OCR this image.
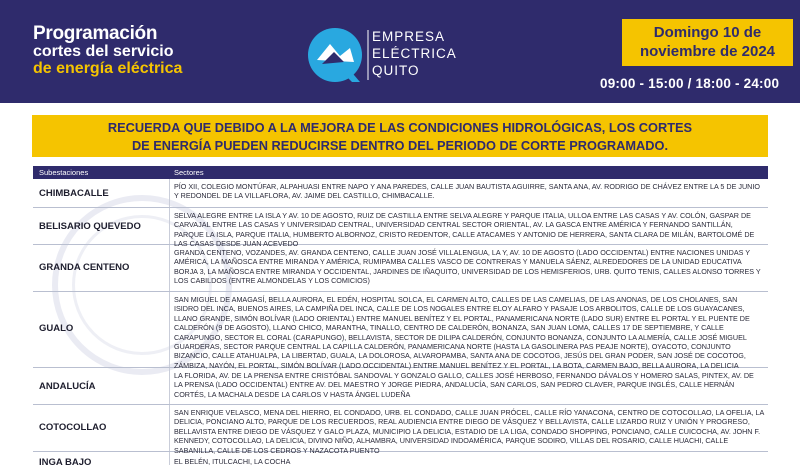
Programación
cortes del servicio
de energía eléctrica
EMPRESA
ELÉCTRICA
QUITO
Domingo 10 de
noviembre de 2024
09:00 - 15:00 / 18:00 - 24:00
RECUERDA QUE DEBIDO A LA MEJORA DE LAS CONDICIONES HIDROLÓGICAS, LOS CORTES
DE ENERGÍA PUEDEN REDUCIRSE DENTRO DEL PERIODO DE CORTE PROGRAMADO.
Subestaciones	Sectores
CHIMBACALLE
PÍO XII, COLEGIO MONTÚFAR, ALPAHUASI ENTRE NAPO Y ANA PAREDES, CALLE JUAN BAUTISTA AGUIRRE, SANTA ANA, AV. RODRIGO DE CHÁVEZ ENTRE LA 5 DE JUNIO Y REDONDEL DE LA VILLAFLORA, AV. JAIME DEL CASTILLO, CHIMBACALLE.
BELISARIO QUEVEDO
SELVA ALEGRE ENTRE LA ISLA Y AV. 10 DE AGOSTO, RUIZ DE CASTILLA ENTRE SELVA ALEGRE Y PARQUE ITALIA, ULLOA ENTRE LAS CASAS Y AV. COLÓN, GASPAR DE CARVAJAL ENTRE LAS CASAS Y UNIVERSIDAD CENTRAL, UNIVERSIDAD CENTRAL SECTOR ORIENTAL, AV. LA GASCA ENTRE AMÉRICA Y FERNANDO SANTILLÁN, PARQUE LA ISLA, PARQUE ITALIA, HUMBERTO ALBORNOZ, CRISTO REDENTOR, CALLE ATACAMES Y ANTONIO DE HERRERA, SANTA CLARA DE MILÁN, BARTOLOMÉ DE LAS CASAS DESDE JUAN ACEVEDO
GRANDA CENTENO
GRANDA CENTENO, VOZANDES, AV. GRANDA CENTENO, CALLE JUAN JOSÉ VILLALENGUA, LA Y, AV. 10 DE AGOSTO (LADO OCCIDENTAL) ENTRE NACIONES UNIDAS Y AMÉRICA, LA MAÑOSCA ENTRE MIRANDA Y AMÉRICA, RUMIPAMBA CALLES VASCO DE CONTRERAS Y MANUELA SÁENZ, ALREDEDORES DE LA UNIDAD EDUCATIVA BORJA 3, LA MAÑOSCA ENTRE MIRANDA Y OCCIDENTAL, JARDINES DE IÑAQUITO, UNIVERSIDAD DE LOS HEMISFERIOS, URB. QUITO TENIS, CALLES ALONSO TORRES Y LOS CABILDOS (ENTRE ALMONDELAS Y LOS COMICIOS)
GUALO
SAN MIGUEL DE AMAGASÍ, BELLA AURORA, EL EDÉN, HOSPITAL SOLCA, EL CARMEN ALTO, CALLES DE LAS CAMELIAS, DE LAS ANONAS, DE LOS CHOLANES, SAN ISIDRO DEL INCA, BUENOS AIRES, LA CAMPIÑA DEL INCA, CALLE DE LOS NOGALES ENTRE ELOY ALFARO Y PASAJE LOS ARBOLITOS, CALLE DE LOS GUAYACANES, LLANO GRANDE, SIMÓN BOLÍVAR (LADO ORIENTAL) ENTRE MANUEL BENÍTEZ Y EL PORTAL, PANAMERICANA NORTE (LADO SUR) ENTRE EL PORTAL Y EL PUENTE DE CALDERÓN (9 DE AGOSTO), LLANO CHICO, MARANTHA, TINALLO, CENTRO DE CALDERÓN, BONANZA, SAN JUAN LOMA, CALLES 17 DE SEPTIEMBRE, Y CALLE CARAPUNGO, SECTOR EL CORAL (CARAPUNGO), BELLAVISTA, SECTOR DE DILIPA CALDERÓN, CONJUNTO BONANZA, CONJUNTO LA ALMERÍA, CALLE JOSÉ MIGUEL GUARDERAS, SECTOR PARQUE CENTRAL LA CAPILLA CALDERÓN, PANAMERICANA NORTE (HASTA LA GASOLINERA PAS PEAJE NORTE), OYACOTO, CONJUNTO BIZANCIO, CALLE ATAHUALPA, LA LIBERTAD, GUALA, LA DOLOROSA, ALVAROPAMBA, SANTA ANA DE COCOTOG, JESÚS DEL GRAN PODER, SAN JOSÉ DE COCOTOG, ZÁMBIZA, NAYÓN, EL PORTAL, SIMÓN BOLÍVAR (LADO OCCIDENTAL) ENTRE MANUEL BENÍTEZ Y EL PORTAL, LA BOTA, CARMEN BAJO, BELLA AURORA, LA DELICIA
ANDALUCÍA
LA FLORIDA, AV. DE LA PRENSA ENTRE CRISTÓBAL SANDOVAL Y GONZALO GALLO, CALLES JOSÉ HERBOSO, FERNANDO DÁVALOS Y HOMERO SALAS, PINTEX, AV. DE LA PRENSA (LADO OCCIDENTAL) ENTRE AV. DEL MAESTRO Y JORGE PIEDRA, ANDALUCÍA, SAN CARLOS, SAN PEDRO CLAVER, PARQUE INGLÉS, CALLE HERNÁN CORTÉS, LA MACHALA DESDE LA CARLOS V HASTA ÁNGEL LUDEÑA
COTOCOLLAO
SAN ENRIQUE VELASCO, MENA DEL HIERRO, EL CONDADO, URB. EL CONDADO, CALLE JUAN PRÓCEL, CALLE RÍO YANACONA, CENTRO DE COTOCOLLAO, LA OFELIA, LA DELICIA, PONCIANO ALTO, PARQUE DE LOS RECUERDOS, REAL AUDIENCIA ENTRE DIEGO DE VÁSQUEZ Y BELLAVISTA, CALLE LIZARDO RUIZ Y UNIÓN Y PROGRESO, BELLAVISTA ENTRE DIEGO DE VÁSQUEZ Y GALO PLAZA, MUNICIPIO LA DELICIA, ESTADIO DE LA LIGA, CONDADO SHOPPING, PONCIANO, CALLE CUICOCHA, AV. JOHN F. KENNEDY, COTOCOLLAO, LA DELICIA, DIVINO NIÑO, ALHAMBRA, UNIVERSIDAD INDOAMÉRICA, PARQUE SODIRO, VILLAS DEL ROSARIO, CALLE HUACHI, CALLE SABANILLA, CALLE DE LOS CEDROS Y NAZACOTA PUENTO
INGA BAJO	EL BELÉN, ITULCACHI, LA COCHA
